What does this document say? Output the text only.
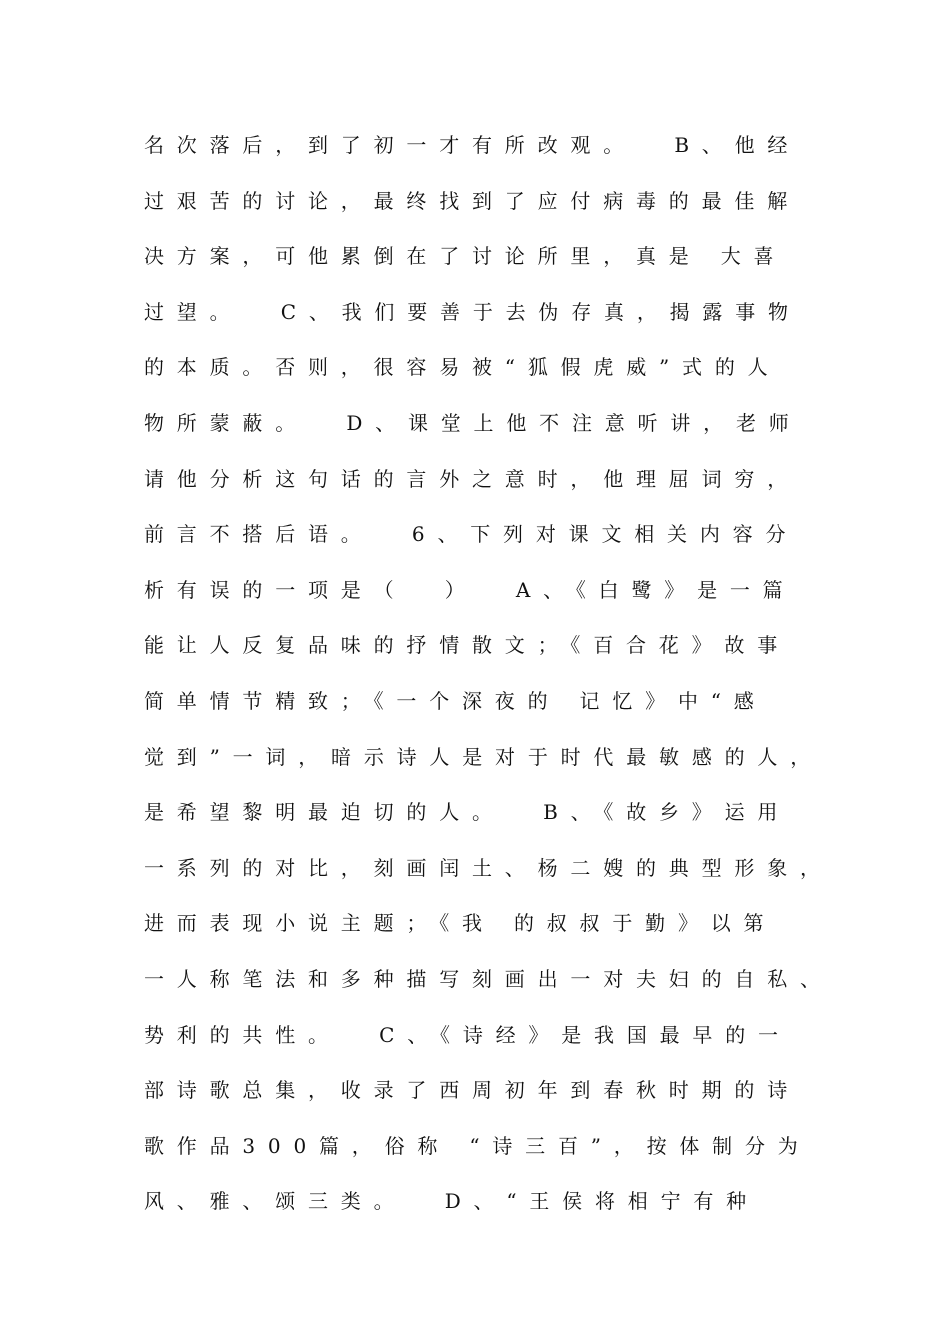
名次落后，到了初一才有所改观。  B、他经
过艰苦的讨论，最终找到了应付病毒的最佳解
决方案，可他累倒在了讨论所里，真是 大喜
过望。  C、我们要善于去伪存真，揭露事物
的本质。否则，很容易被“狐假虎威”式的人
物所蒙蔽。  D、课堂上他不注意听讲，老师
请他分析这句话的言外之意时，他理屈词穷，
前言不搭后语。  6、下列对课文相关内容分
析有误的一项是（  ）  A、《白鹭》是一篇
能让人反复品味的抒情散文；《百合花》故事
简单情节精致；《一个深夜的 记忆》中“感
觉到”一词，暗示诗人是对于时代最敏感的人，
是希望黎明最迫切的人。  B、《故乡》运用
一系列的对比，刻画闰土、杨二嫂的典型形象，
进而表现小说主题；《我 的叔叔于勤》以第
一人称笔法和多种描写刻画出一对夫妇的自私、
势利的共性。  C、《诗经》是我国最早的一
部诗歌总集，收录了西周初年到春秋时期的诗
歌作品300篇，俗称 “诗三百”，按体制分为
风、雅、颂三类。  D、“王侯将相宁有种
